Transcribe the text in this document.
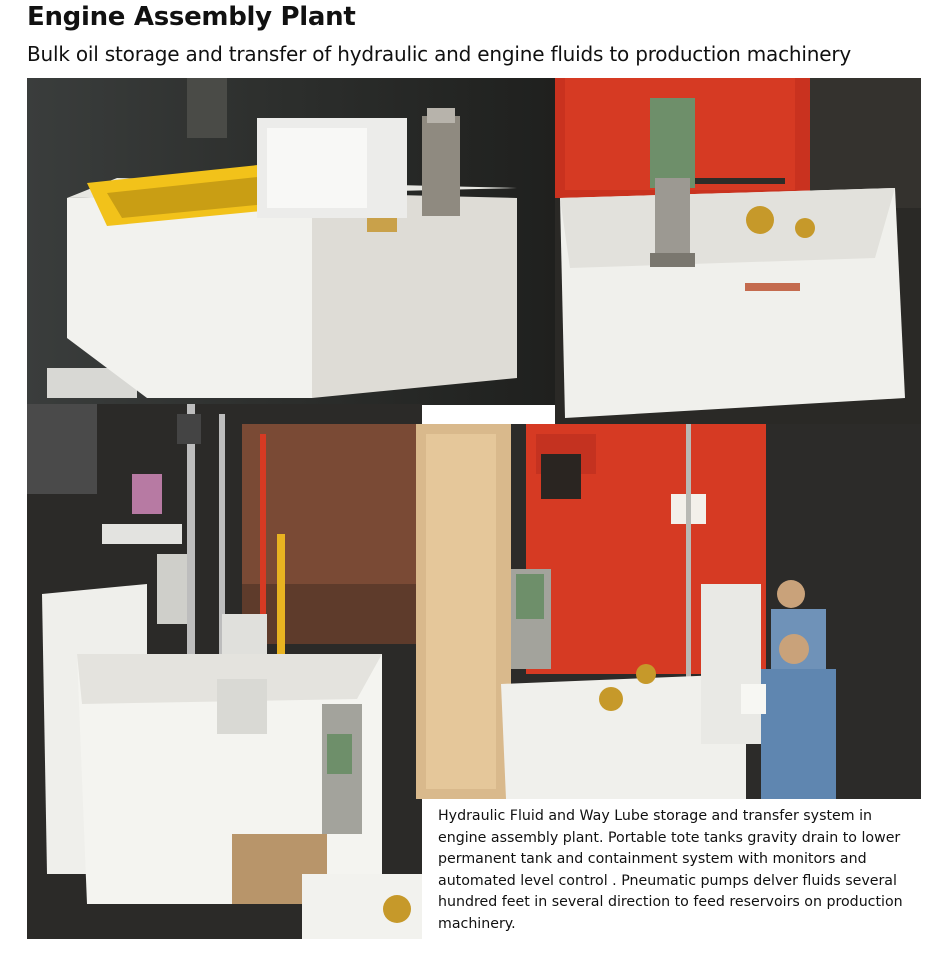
Engine Assembly Plant

Bulk oil storage and transfer of hydraulic and engine fluids to production machinery

Hydraulic Fluid and Way Lube storage and transfer system in engine assembly plant. Portable tote tanks gravity drain to lower permanent tank and containment system with monitors and automated level control . Pneumatic pumps delver fluids several hundred feet in several direction to feed reservoirs on production machinery.
